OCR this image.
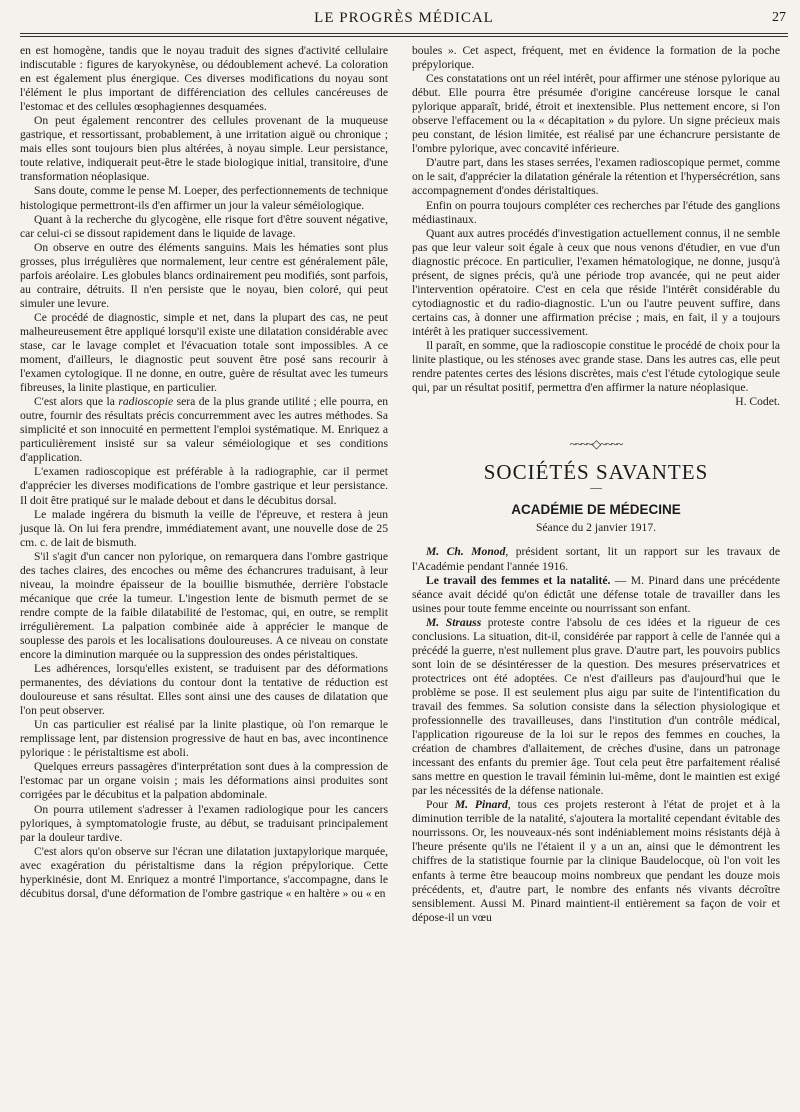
LE PROGRÈS MÉDICAL	27

en est homogène, tandis que le noyau traduit des signes d'activité cellulaire indiscutable : figures de karyokynèse, ou dédoublement achevé. La coloration en est également plus énergique. Ces diverses modifications du noyau sont l'élément le plus important de différenciation des cellules cancéreuses de l'estomac et des cellules œsophagiennes desquamées.

On peut également rencontrer des cellules provenant de la muqueuse gastrique, et ressortissant, probablement, à une irritation aiguë ou chronique ; mais elles sont toujours bien plus altérées, à noyau simple. Leur persistance, toute relative, indiquerait peut-être le stade biologique initial, transitoire, d'une transformation néoplasique.

Sans doute, comme le pense M. Loeper, des perfectionnements de technique histologique permettront-ils d'en affirmer un jour la valeur séméiologique.

Quant à la recherche du glycogène, elle risque fort d'être souvent négative, car celui-ci se dissout rapidement dans le liquide de lavage.

On observe en outre des éléments sanguins. Mais les hématies sont plus grosses, plus irrégulières que normalement, leur centre est généralement pâle, parfois aréolaire. Les globules blancs ordinairement peu modifiés, sont parfois, au contraire, détruits. Il n'en persiste que le noyau, bien coloré, qui peut simuler une levure.

Ce procédé de diagnostic, simple et net, dans la plupart des cas, ne peut malheureusement être appliqué lorsqu'il existe une dilatation considérable avec stase, car le lavage complet et l'évacuation totale sont impossibles. A ce moment, d'ailleurs, le diagnostic peut souvent être posé sans recourir à l'examen cytologique. Il ne donne, en outre, guère de résultat avec les tumeurs fibreuses, la linite plastique, en particulier.

C'est alors que la radioscopie sera de la plus grande utilité ; elle pourra, en outre, fournir des résultats précis concurremment avec les autres méthodes. Sa simplicité et son innocuité en permettent l'emploi systématique. M. Enriquez a particulièrement insisté sur sa valeur séméiologique et ses conditions d'application.

L'examen radioscopique est préférable à la radiographie, car il permet d'apprécier les diverses modifications de l'ombre gastrique et leur persistance. Il doit être pratiqué sur le malade debout et dans le décubitus dorsal.

Le malade ingérera du bismuth la veille de l'épreuve, et restera à jeun jusque là. On lui fera prendre, immédiatement avant, une nouvelle dose de 25 cm. c. de lait de bismuth.

S'il s'agit d'un cancer non pylorique, on remarquera dans l'ombre gastrique des taches claires, des encoches ou même des échancrures traduisant, à leur niveau, la moindre épaisseur de la bouillie bismuthée, derrière l'obstacle mécanique que crée la tumeur. L'ingestion lente de bismuth permet de se rendre compte de la faible dilatabilité de l'estomac, qui, en outre, se remplit irrégulièrement. La palpation combinée aide à apprécier le manque de souplesse des parois et les localisations douloureuses. A ce niveau on constate encore la diminution marquée ou la suppression des ondes péristaltiques.

Les adhérences, lorsqu'elles existent, se traduisent par des déformations permanentes, des déviations du contour dont la tentative de réduction est douloureuse et sans résultat. Elles sont ainsi une des causes de dilatation que l'on peut observer.

Un cas particulier est réalisé par la linite plastique, où l'on remarque le remplissage lent, par distension progressive de haut en bas, avec incontinence pylorique : le péristaltisme est aboli.

Quelques erreurs passagères d'interprétation sont dues à la compression de l'estomac par un organe voisin ; mais les déformations ainsi produites sont corrigées par le décubitus et la palpation abdominale.

On pourra utilement s'adresser à l'examen radiologique pour les cancers pyloriques, à symptomatologie fruste, au début, se traduisant principalement par la douleur tardive.

C'est alors qu'on observe sur l'écran une dilatation juxtapylorique marquée, avec exagération du péristaltisme dans la région prépylorique. Cette hyperkinésie, dont M. Enriquez a montré l'importance, s'accompagne, dans le décubitus dorsal, d'une déformation de l'ombre gastrique « en haltère » ou « en

boules ». Cet aspect, fréquent, met en évidence la formation de la poche prépylorique.

Ces constatations ont un réel intérêt, pour affirmer une sténose pylorique au début. Elle pourra être présumée d'origine cancéreuse lorsque le canal pylorique apparaît, bridé, étroit et inextensible. Plus nettement encore, si l'on observe l'effacement ou la « décapitation » du pylore. Un signe précieux mais peu constant, de lésion limitée, est réalisé par une échancrure persistante de l'ombre pylorique, avec concavité inférieure.

D'autre part, dans les stases serrées, l'examen radioscopique permet, comme on le sait, d'apprécier la dilatation générale la rétention et l'hypersécrétion, sans accompagnement d'ondes déristaltiques.

Enfin on pourra toujours compléter ces recherches par l'étude des ganglions médiastinaux.

Quant aux autres procédés d'investigation actuellement connus, il ne semble pas que leur valeur soit égale à ceux que nous venons d'étudier, en vue d'un diagnostic précoce. En particulier, l'examen hématologique, ne donne, jusqu'à présent, de signes précis, qu'à une période trop avancée, qui ne peut aider l'intervention opératoire. C'est en cela que réside l'intérêt considérable du cytodiagnostic et du radio-diagnostic. L'un ou l'autre peuvent suffire, dans certains cas, à donner une affirmation précise ; mais, en fait, il y a toujours intérêt à les pratiquer successivement.

Il paraît, en somme, que la radioscopie constitue le procédé de choix pour la linite plastique, ou les sténoses avec grande stase. Dans les autres cas, elle peut rendre patentes certes des lésions discrètes, mais c'est l'étude cytologique seule qui, par un résultat positif, permettra d'en affirmer la nature néoplasique.

H. Codet.
~~~~◇~~~~
SOCIÉTÉS SAVANTES
—
ACADÉMIE DE MÉDECINE
Séance du 2 janvier 1917.

M. Ch. Monod, président sortant, lit un rapport sur les travaux de l'Académie pendant l'année 1916.

Le travail des femmes et la natalité. — M. Pinard dans une précédente séance avait décidé qu'on édictât une défense totale de travailler dans les usines pour toute femme enceinte ou nourrissant son enfant.

M. Strauss proteste contre l'absolu de ces idées et la rigueur de ces conclusions. La situation, dit-il, considérée par rapport à celle de l'année qui a précédé la guerre, n'est nullement plus grave. D'autre part, les pouvoirs publics sont loin de se désintéresser de la question. Des mesures préservatrices et protectrices ont été adoptées. Ce n'est d'ailleurs pas d'aujourd'hui que le problème se pose. Il est seulement plus aigu par suite de l'intentification du travail des femmes. Sa solution consiste dans la sélection physiologique et professionnelle des travailleuses, dans l'institution d'un contrôle médical, l'application rigoureuse de la loi sur le repos des femmes en couches, la création de chambres d'allaitement, de crèches d'usine, dans un patronage incessant des enfants du premier âge. Tout cela peut être parfaitement réalisé sans mettre en question le travail féminin lui-même, dont le maintien est exigé par les nécessités de la défense nationale.

Pour M. Pinard, tous ces projets resteront à l'état de projet et à la diminution terrible de la natalité, s'ajoutera la mortalité cependant évitable des nourrissons. Or, les nouveaux-nés sont indéniablement moins résistants déjà à l'heure présente qu'ils ne l'étaient il y a un an, ainsi que le démontrent les chiffres de la statistique fournie par la clinique Baudelocque, où l'on voit les enfants à terme être beaucoup moins nombreux que pendant les douze mois précédents, et, d'autre part, le nombre des enfants nés vivants décroître sensiblement. Aussi M. Pinard maintient-il entièrement sa façon de voir et dépose-il un vœu
